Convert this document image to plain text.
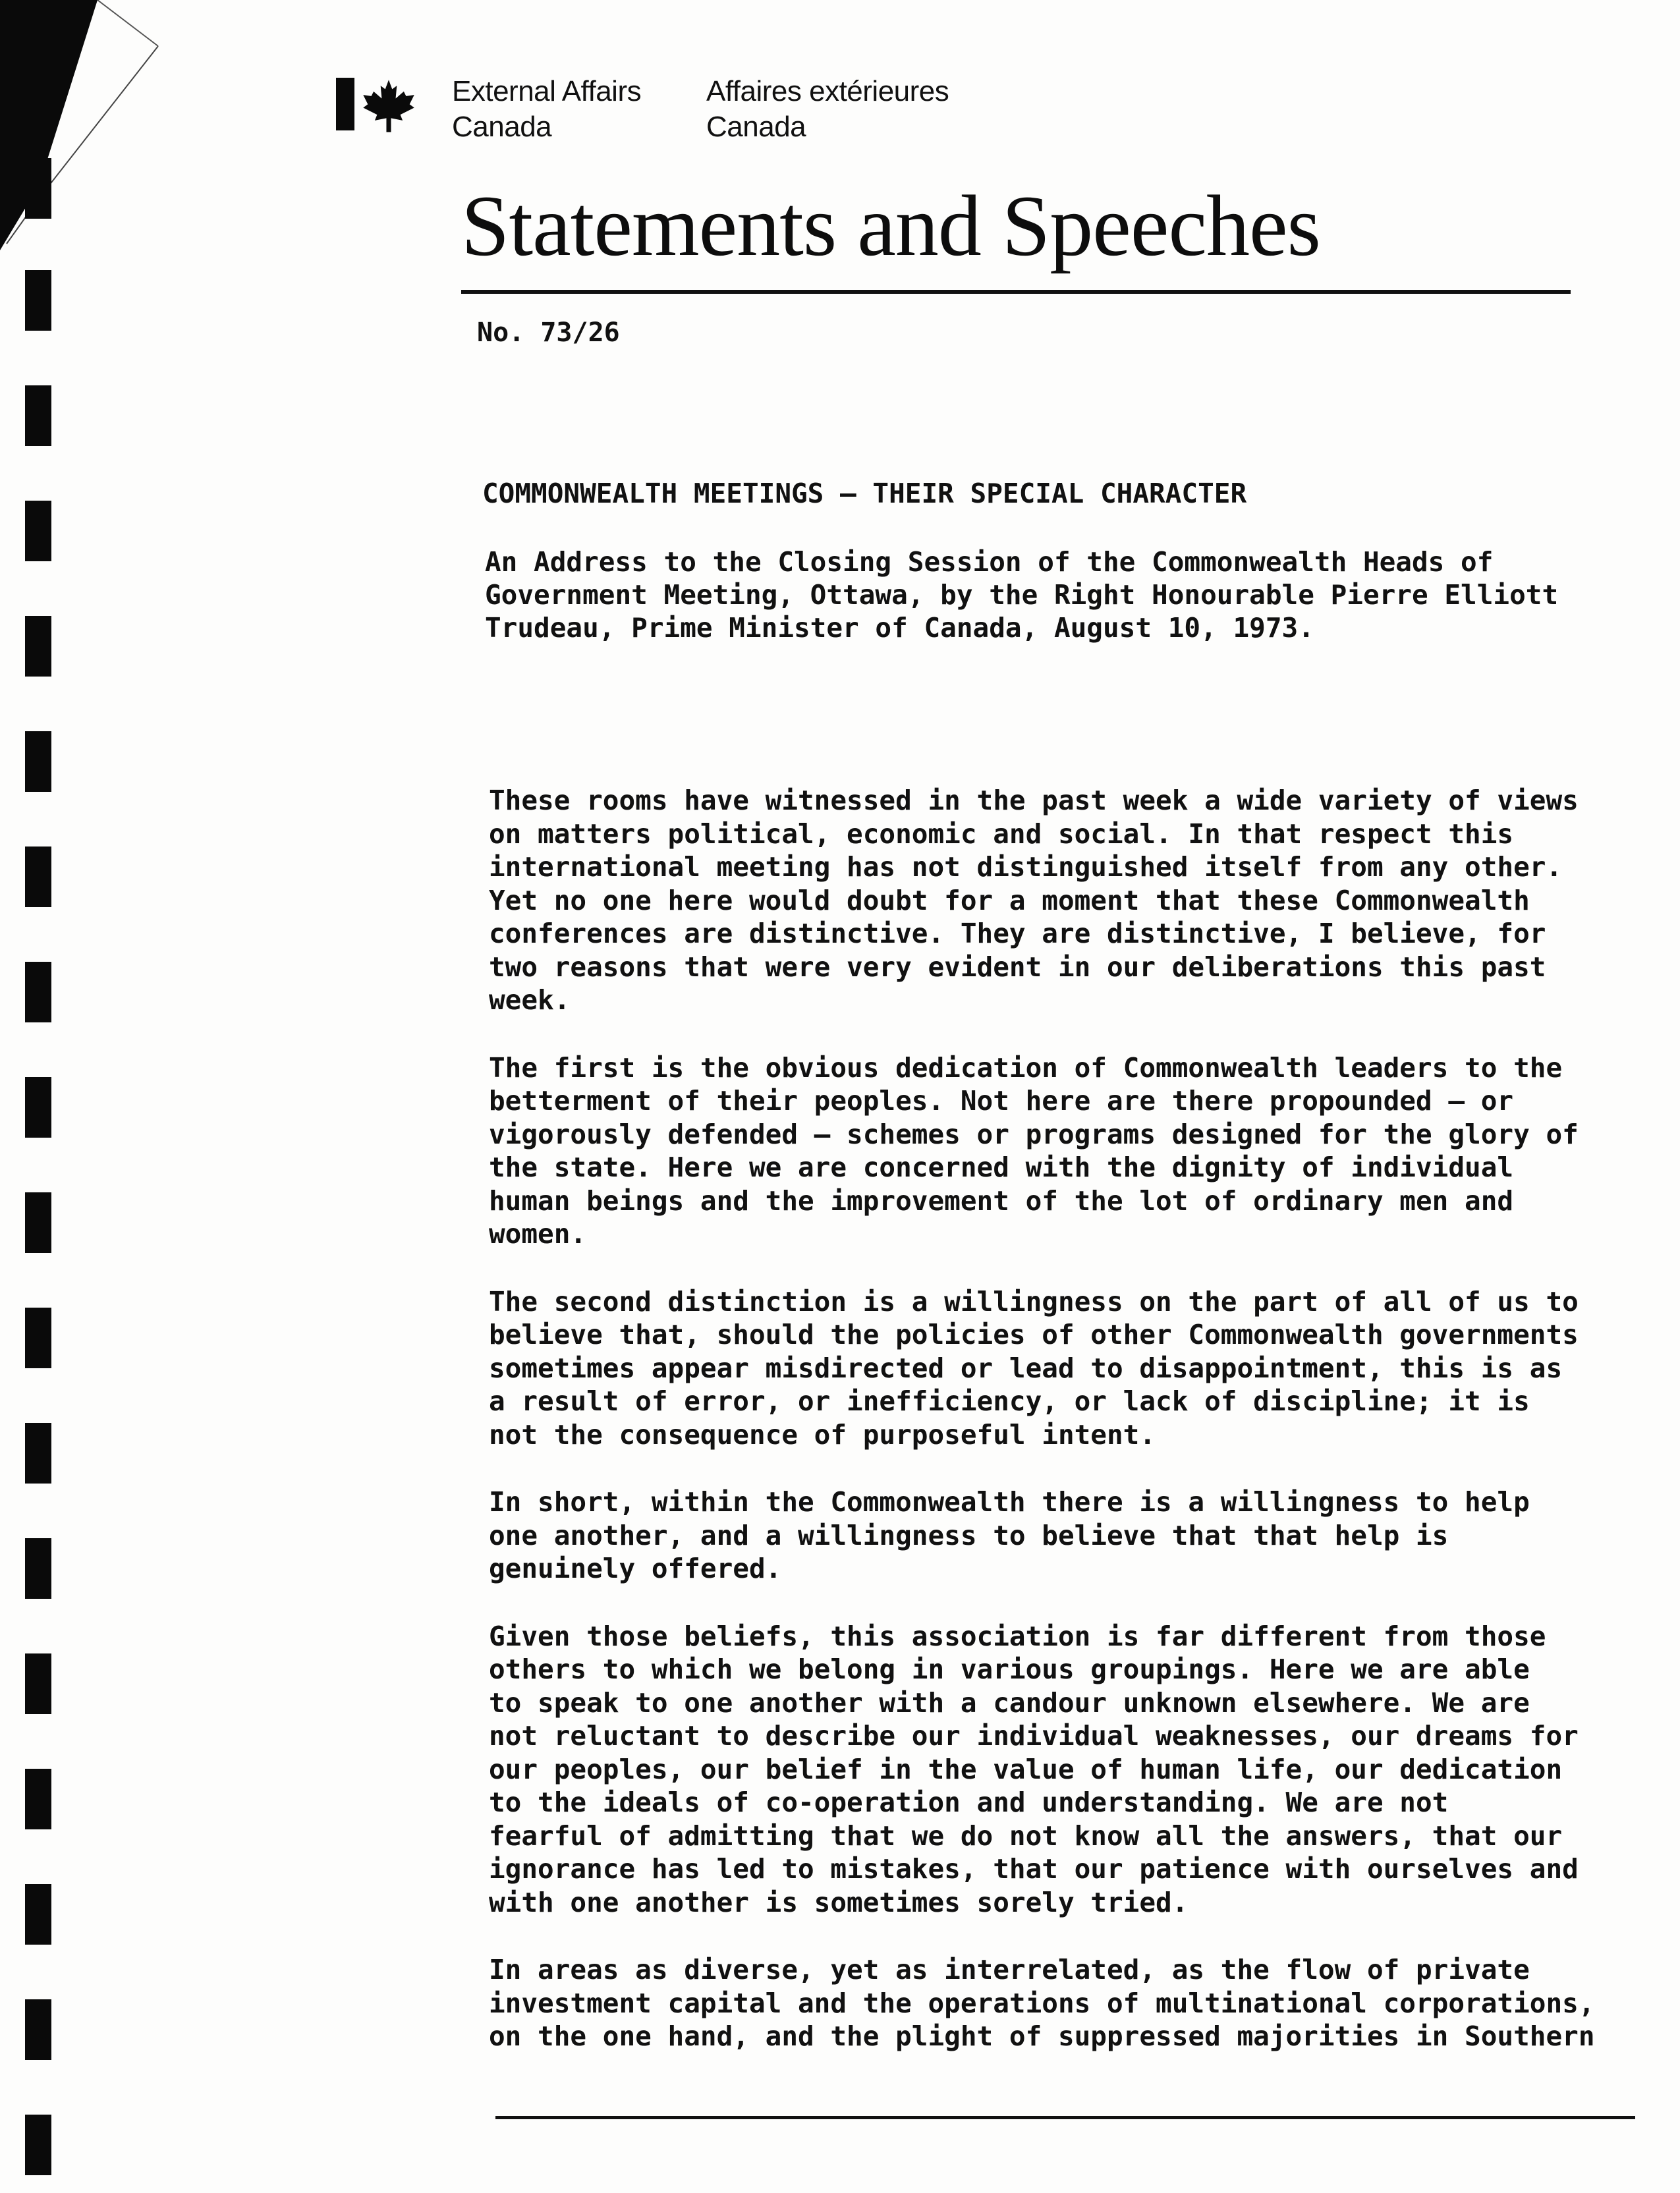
External Affairs
Canada
Affaires extérieures
Canada
Statements and Speeches
No. 73/26
COMMONWEALTH MEETINGS — THEIR SPECIAL CHARACTER
An Address to the Closing Session of the Commonwealth Heads of
Government Meeting, Ottawa, by the Right Honourable Pierre Elliott
Trudeau, Prime Minister of Canada, August 10, 1973.
These rooms have witnessed in the past week a wide variety of views
on matters political, economic and social. In that respect this
international meeting has not distinguished itself from any other.
Yet no one here would doubt for a moment that these Commonwealth
conferences are distinctive. They are distinctive, I believe, for
two reasons that were very evident in our deliberations this past
week.
The first is the obvious dedication of Commonwealth leaders to the
betterment of their peoples. Not here are there propounded — or
vigorously defended — schemes or programs designed for the glory of
the state. Here we are concerned with the dignity of individual
human beings and the improvement of the lot of ordinary men and
women.
The second distinction is a willingness on the part of all of us to
believe that, should the policies of other Commonwealth governments
sometimes appear misdirected or lead to disappointment, this is as
a result of error, or inefficiency, or lack of discipline; it is
not the consequence of purposeful intent.
In short, within the Commonwealth there is a willingness to help
one another, and a willingness to believe that that help is
genuinely offered.
Given those beliefs, this association is far different from those
others to which we belong in various groupings. Here we are able
to speak to one another with a candour unknown elsewhere. We are
not reluctant to describe our individual weaknesses, our dreams for
our peoples, our belief in the value of human life, our dedication
to the ideals of co-operation and understanding. We are not
fearful of admitting that we do not know all the answers, that our
ignorance has led to mistakes, that our patience with ourselves and
with one another is sometimes sorely tried.
In areas as diverse, yet as interrelated, as the flow of private
investment capital and the operations of multinational corporations,
on the one hand, and the plight of suppressed majorities in Southern
